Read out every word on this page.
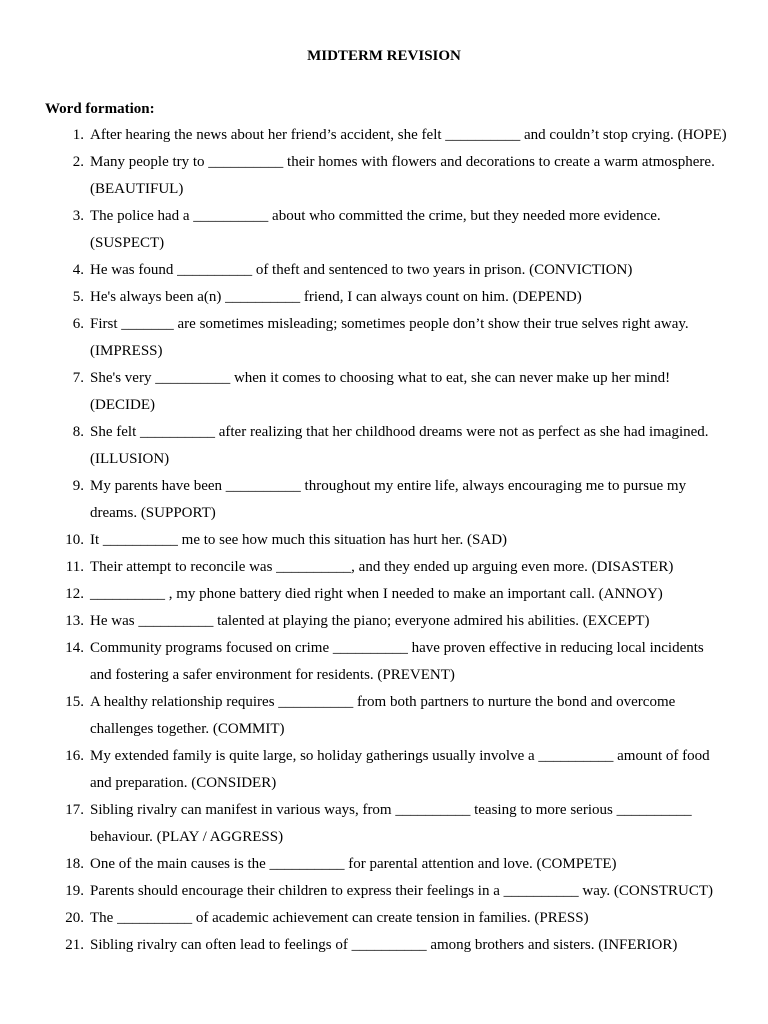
MIDTERM REVISION
Word formation:
1. After hearing the news about her friend’s accident, she felt __________ and couldn’t stop crying. (HOPE)
2. Many people try to __________ their homes with flowers and decorations to create a warm atmosphere. (BEAUTIFUL)
3. The police had a __________ about who committed the crime, but they needed more evidence. (SUSPECT)
4. He was found __________ of theft and sentenced to two years in prison. (CONVICTION)
5. He's always been a(n) __________ friend, I can always count on him. (DEPEND)
6. First _______ are sometimes misleading; sometimes people don’t show their true selves right away. (IMPRESS)
7. She's very __________ when it comes to choosing what to eat, she can never make up her mind! (DECIDE)
8. She felt __________ after realizing that her childhood dreams were not as perfect as she had imagined. (ILLUSION)
9. My parents have been __________ throughout my entire life, always encouraging me to pursue my dreams. (SUPPORT)
10. It __________ me to see how much this situation has hurt her. (SAD)
11. Their attempt to reconcile was __________, and they ended up arguing even more. (DISASTER)
12. __________ , my phone battery died right when I needed to make an important call. (ANNOY)
13. He was __________ talented at playing the piano; everyone admired his abilities. (EXCEPT)
14. Community programs focused on crime __________ have proven effective in reducing local incidents and fostering a safer environment for residents. (PREVENT)
15. A healthy relationship requires __________ from both partners to nurture the bond and overcome challenges together. (COMMIT)
16. My extended family is quite large, so holiday gatherings usually involve a __________ amount of food and preparation. (CONSIDER)
17. Sibling rivalry can manifest in various ways, from __________ teasing to more serious __________ behaviour. (PLAY / AGGRESS)
18. One of the main causes is the __________ for parental attention and love. (COMPETE)
19. Parents should encourage their children to express their feelings in a __________ way. (CONSTRUCT)
20. The __________ of academic achievement can create tension in families. (PRESS)
21. Sibling rivalry can often lead to feelings of __________ among brothers and sisters. (INFERIOR)
